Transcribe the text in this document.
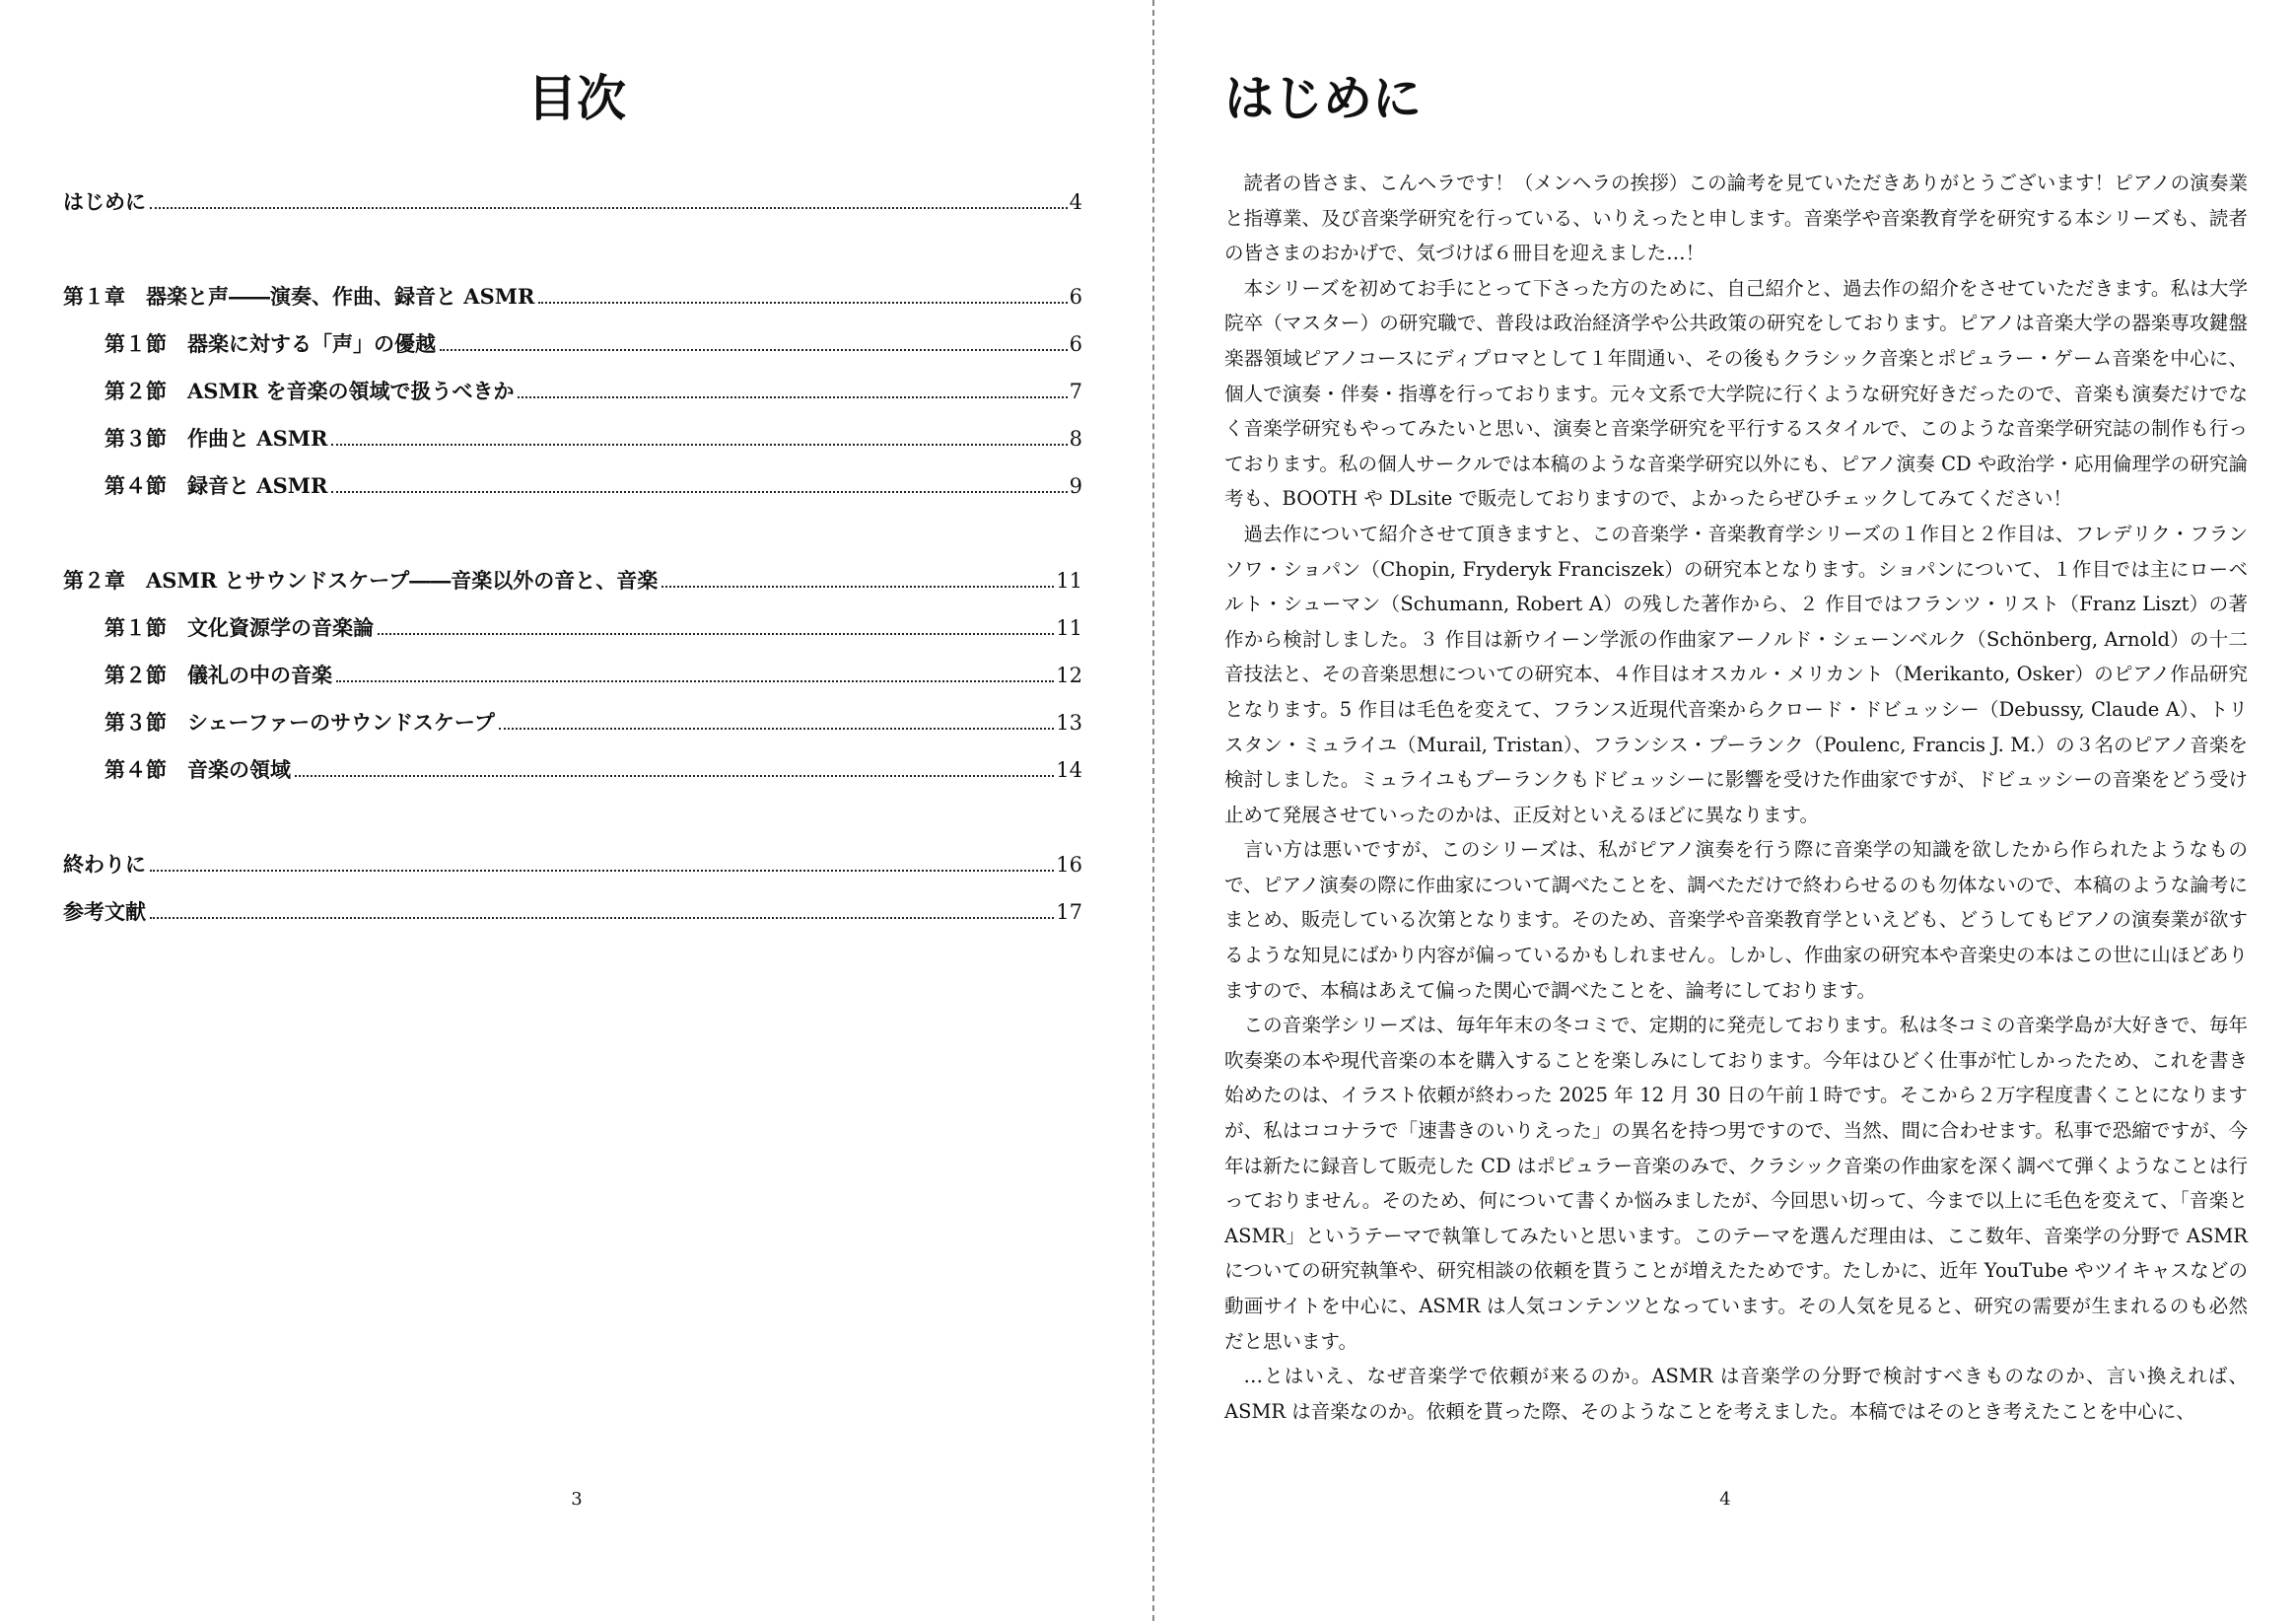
目次
はじめに	4
第１章　器楽と声――演奏、作曲、録音と ASMR	6
第１節　器楽に対する「声」の優越	6
第２節　ASMR を音楽の領域で扱うべきか	7
第３節　作曲と ASMR	8
第４節　録音と ASMR	9
第２章　ASMR とサウンドスケープ――音楽以外の音と、音楽	11
第１節　文化資源学の音楽論	11
第２節　儀礼の中の音楽	12
第３節　シェーファーのサウンドスケープ	13
第４節　音楽の領域	14
終わりに	16
参考文献	17
3
はじめに

読者の皆さま、こんヘラです！（メンヘラの挨拶）この論考を見ていただきありがとうございます！ピアノの演奏業と指導業、及び音楽学研究を行っている、いりえったと申します。音楽学や音楽教育学を研究する本シリーズも、読者の皆さまのおかげで、気づけば６冊目を迎えました…！

本シリーズを初めてお手にとって下さった方のために、自己紹介と、過去作の紹介をさせていただきます。私は大学院卒（マスター）の研究職で、普段は政治経済学や公共政策の研究をしております。ピアノは音楽大学の器楽専攻鍵盤楽器領域ピアノコースにディプロマとして１年間通い、その後もクラシック音楽とポピュラー・ゲーム音楽を中心に、個人で演奏・伴奏・指導を行っております。元々文系で大学院に行くような研究好きだったので、音楽も演奏だけでなく音楽学研究もやってみたいと思い、演奏と音楽学研究を平行するスタイルで、このような音楽学研究誌の制作も行っております。私の個人サークルでは本稿のような音楽学研究以外にも、ピアノ演奏 CD や政治学・応用倫理学の研究論考も、BOOTH や DLsite で販売しておりますので、よかったらぜひチェックしてみてください！

過去作について紹介させて頂きますと、この音楽学・音楽教育学シリーズの１作目と２作目は、フレデリク・フランソワ・ショパン（Chopin, Fryderyk Franciszek）の研究本となります。ショパンについて、１作目では主にローベルト・シューマン（Schumann, Robert A）の残した著作から、２ 作目ではフランツ・リスト（Franz Liszt）の著作から検討しました。３ 作目は新ウイーン学派の作曲家アーノルド・シェーンベルク（Schönberg, Arnold）の十二音技法と、その音楽思想についての研究本、４作目はオスカル・メリカント（Merikanto, Osker）のピアノ作品研究となります。5 作目は毛色を変えて、フランス近現代音楽からクロード・ドビュッシー（Debussy, Claude A）、トリスタン・ミュライユ（Murail, Tristan）、フランシス・プーランク（Poulenc, Francis J. M.）の３名のピアノ音楽を検討しました。ミュライユもプーランクもドビュッシーに影響を受けた作曲家ですが、ドビュッシーの音楽をどう受け止めて発展させていったのかは、正反対といえるほどに異なります。

言い方は悪いですが、このシリーズは、私がピアノ演奏を行う際に音楽学の知識を欲したから作られたようなもので、ピアノ演奏の際に作曲家について調べたことを、調べただけで終わらせるのも勿体ないので、本稿のような論考にまとめ、販売している次第となります。そのため、音楽学や音楽教育学といえども、どうしてもピアノの演奏業が欲するような知見にばかり内容が偏っているかもしれません。しかし、作曲家の研究本や音楽史の本はこの世に山ほどありますので、本稿はあえて偏った関心で調べたことを、論考にしております。

この音楽学シリーズは、毎年年末の冬コミで、定期的に発売しております。私は冬コミの音楽学島が大好きで、毎年吹奏楽の本や現代音楽の本を購入することを楽しみにしております。今年はひどく仕事が忙しかったため、これを書き始めたのは、イラスト依頼が終わった 2025 年 12 月 30 日の午前１時です。そこから２万字程度書くことになりますが、私はココナラで「速書きのいりえった」の異名を持つ男ですので、当然、間に合わせます。私事で恐縮ですが、今年は新たに録音して販売した CD はポピュラー音楽のみで、クラシック音楽の作曲家を深く調べて弾くようなことは行っておりません。そのため、何について書くか悩みましたが、今回思い切って、今まで以上に毛色を変えて、「音楽と ASMR」というテーマで執筆してみたいと思います。このテーマを選んだ理由は、ここ数年、音楽学の分野で ASMR についての研究執筆や、研究相談の依頼を貰うことが増えたためです。たしかに、近年 YouTube やツイキャスなどの動画サイトを中心に、ASMR は人気コンテンツとなっています。その人気を見ると、研究の需要が生まれるのも必然だと思います。

…とはいえ、なぜ音楽学で依頼が来るのか。ASMR は音楽学の分野で検討すべきものなのか、言い換えれば、ASMR は音楽なのか。依頼を貰った際、そのようなことを考えました。本稿ではそのとき考えたことを中心に、

4
